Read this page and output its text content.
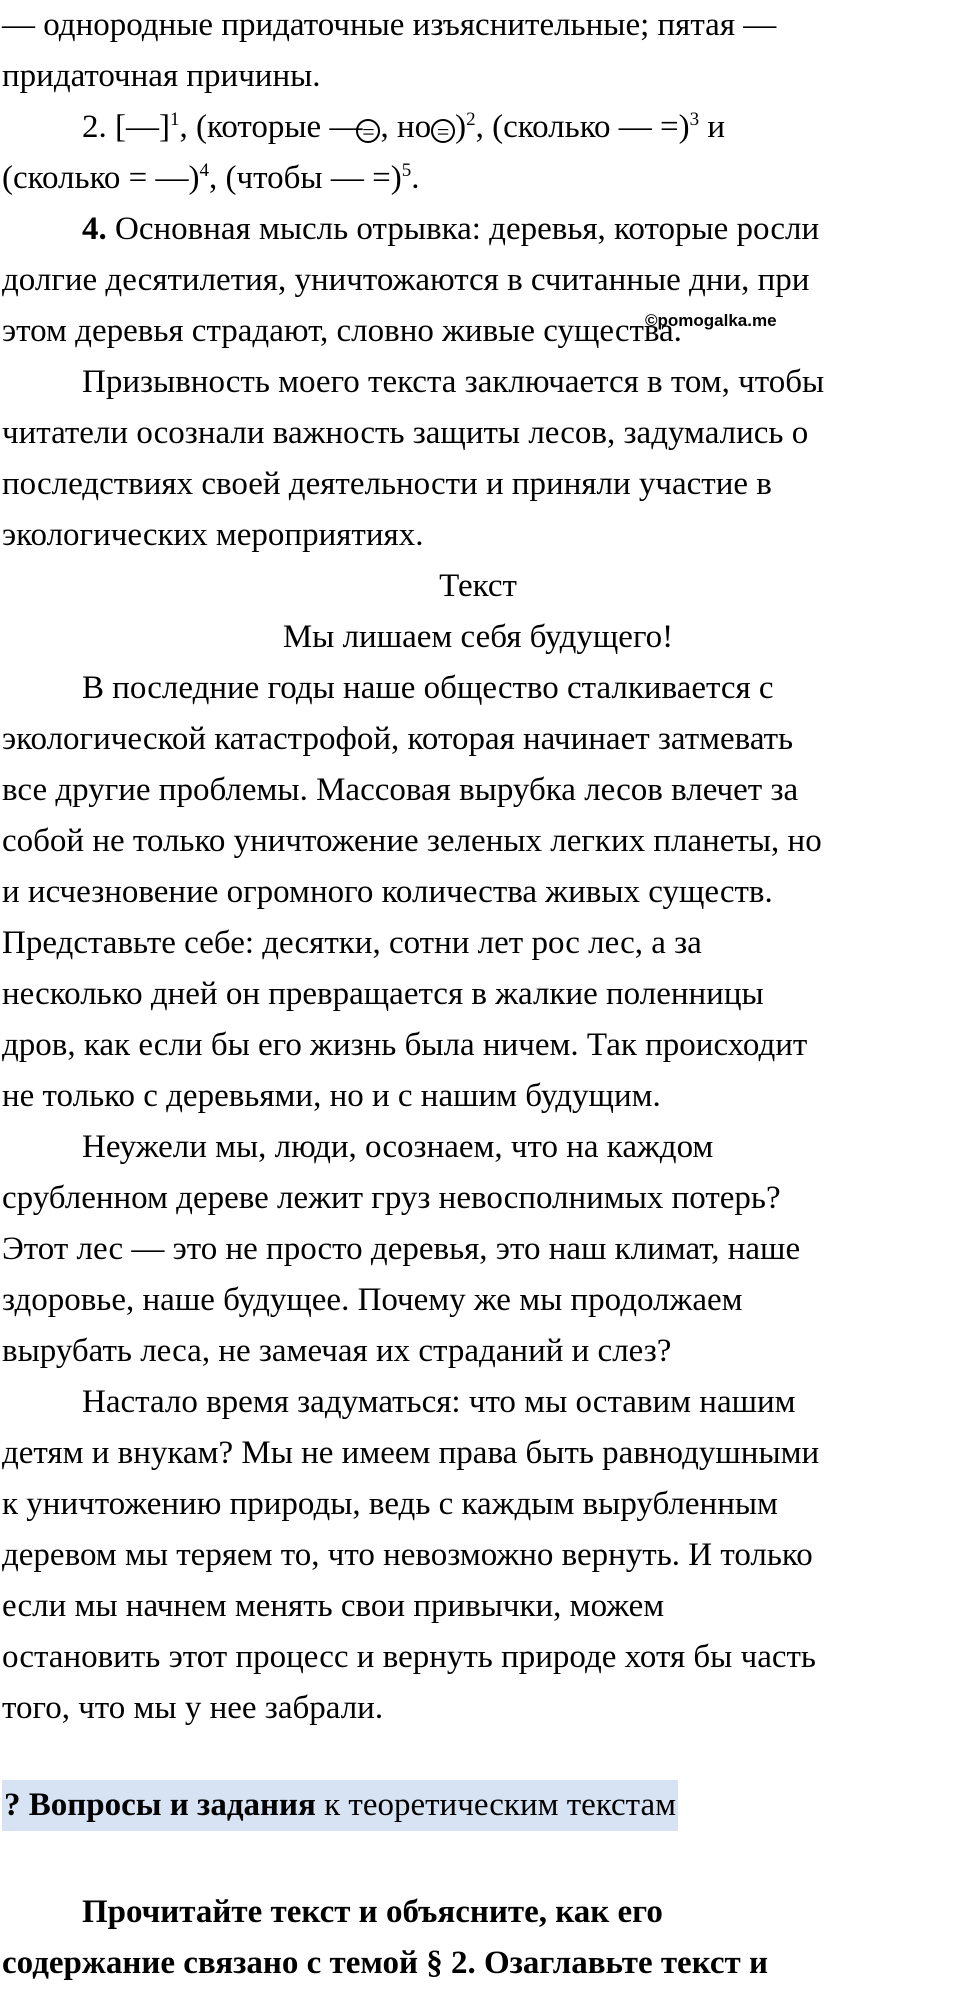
©pomogalka.me
— однородные придаточные изъяснительные; пятая —
придаточная причины.
2. [—]$^1$, (которые —= , но = )$^2$, (сколько — =)$^3$ и
(сколько = —)$^4$, (чтобы — =)$^5$.
4. Основная мысль отрывка: деревья, которые росли
долгие десятилетия, уничтожаются в считанные дни, при
этом деревья страдают, словно живые существа.
Призывность моего текста заключается в том, чтобы
читатели осознали важность защиты лесов, задумались о
последствиях своей деятельности и приняли участие в
экологических мероприятиях.
Текст
Мы лишаем себя будущего!
В последние годы наше общество сталкивается с
экологической катастрофой, которая начинает затмевать
все другие проблемы. Массовая вырубка лесов влечет за
собой не только уничтожение зеленых легких планеты, но
и исчезновение огромного количества живых существ.
Представьте себе: десятки, сотни лет рос лес, а за
несколько дней он превращается в жалкие поленницы
дров, как если бы его жизнь была ничем. Так происходит
не только с деревьями, но и с нашим будущим.
Неужели мы, люди, осознаем, что на каждом
срубленном дереве лежит груз невосполнимых потерь?
Этот лес — это не просто деревья, это наш климат, наше
здоровье, наше будущее. Почему же мы продолжаем
вырубать леса, не замечая их страданий и слез?
Настало время задуматься: что мы оставим нашим
детям и внукам? Мы не имеем права быть равнодушными
к уничтожению природы, ведь с каждым вырубленным
деревом мы теряем то, что невозможно вернуть. И только
если мы начнем менять свои привычки, можем
остановить этот процесс и вернуть природе хотя бы часть
того, что мы у нее забрали.
? Вопросы и задания к теоретическим текстам
Прочитайте текст и объясните, как его
содержание связано с темой § 2. Озаглавьте текст и
